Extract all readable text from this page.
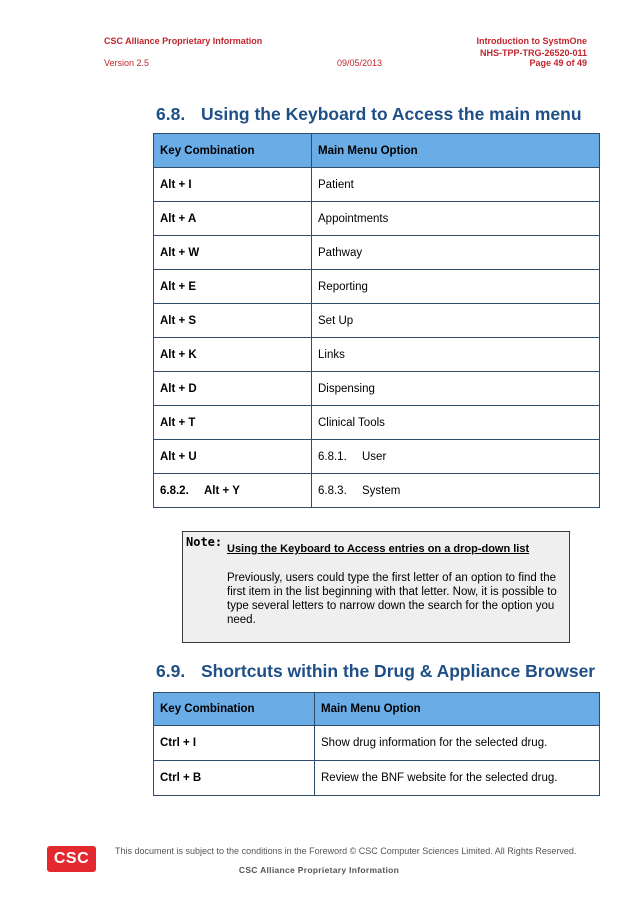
CSC Alliance Proprietary Information	Introduction to SystmOne
NHS-TPP-TRG-26520-011
Version 2.5	09/05/2013	Page 49 of 49
6.8. Using the Keyboard to Access the main menu
Key Combination	Main Menu Option
Alt + I	Patient
Alt + A	Appointments
Alt + W	Pathway
Alt + E	Reporting
Alt + S	Set Up
Alt + K	Links
Alt + D	Dispensing
Alt + T	Clinical Tools
Alt + U	6.8.1. User
6.8.2. Alt + Y	6.8.3. System
Note: Using the Keyboard to Access entries on a drop-down list
Previously, users could type the first letter of an option to find the first item in the list beginning with that letter. Now, it is possible to type several letters to narrow down the search for the option you need.
6.9. Shortcuts within the Drug & Appliance Browser
Key Combination	Main Menu Option
Ctrl + I	Show drug information for the selected drug.
Ctrl + B	Review the BNF website for the selected drug.
CSC	This document is subject to the conditions in the Foreword © CSC Computer Sciences Limited. All Rights Reserved.
CSC Alliance Proprietary Information
